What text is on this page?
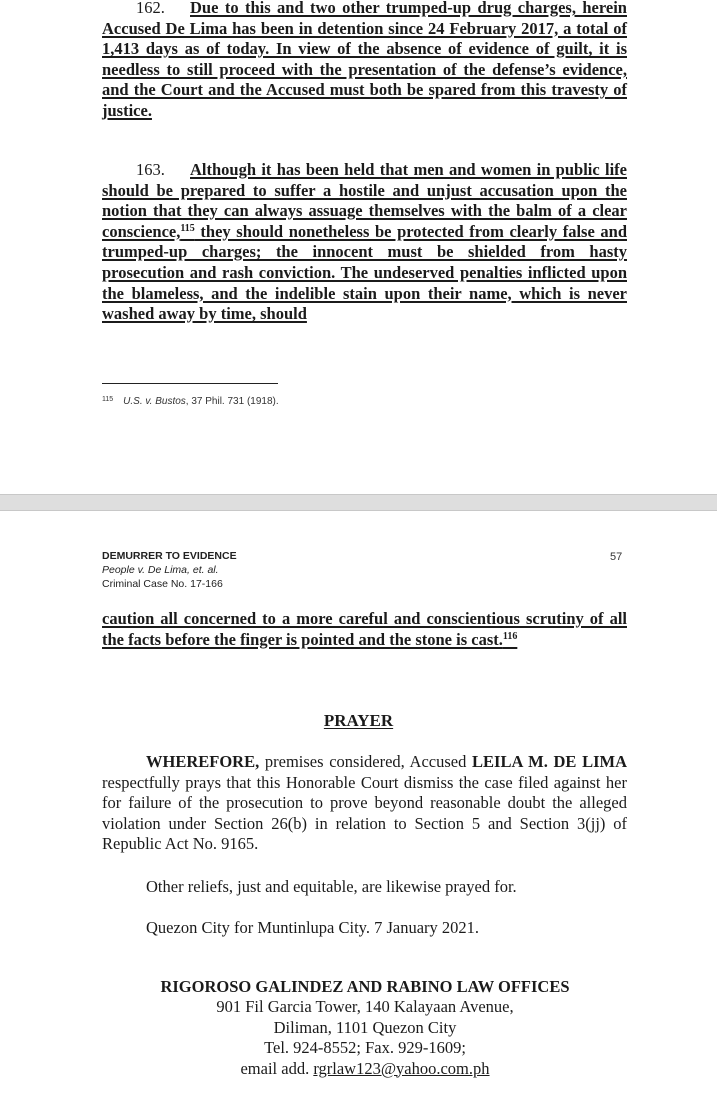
162. Due to this and two other trumped-up drug charges, herein Accused De Lima has been in detention since 24 February 2017, a total of 1,413 days as of today. In view of the absence of evidence of guilt, it is needless to still proceed with the presentation of the defense’s evidence, and the Court and the Accused must both be spared from this travesty of justice.

163. Although it has been held that men and women in public life should be prepared to suffer a hostile and unjust accusation upon the notion that they can always assuage themselves with the balm of a clear conscience,$^{115}$ they should nonetheless be protected from clearly false and trumped-up charges; the innocent must be shielded from hasty prosecution and rash conviction. The undeserved penalties inflicted upon the blameless, and the indelible stain upon their name, which is never washed away by time, should

$^{115}$ U.S. v. Bustos, 37 Phil. 731 (1918).
DEMURRER TO EVIDENCE
People v. De Lima, et. al.
Criminal Case No. 17-166
57

caution all concerned to a more careful and conscientious scrutiny of all the facts before the finger is pointed and the stone is cast.$^{116}$

PRAYER

WHEREFORE, premises considered, Accused LEILA M. DE LIMA respectfully prays that this Honorable Court dismiss the case filed against her for failure of the prosecution to prove beyond reasonable doubt the alleged violation under Section 26(b) in relation to Section 5 and Section 3(jj) of Republic Act No. 9165.

Other reliefs, just and equitable, are likewise prayed for.
Quezon City for Muntinlupa City. 7 January 2021.
RIGOROSO GALINDEZ AND RABINO LAW OFFICES
901 Fil Garcia Tower, 140 Kalayaan Avenue,
Diliman, 1101 Quezon City
Tel. 924-8552; Fax. 929-1609;
email add. rgrlaw123@yahoo.com.ph
